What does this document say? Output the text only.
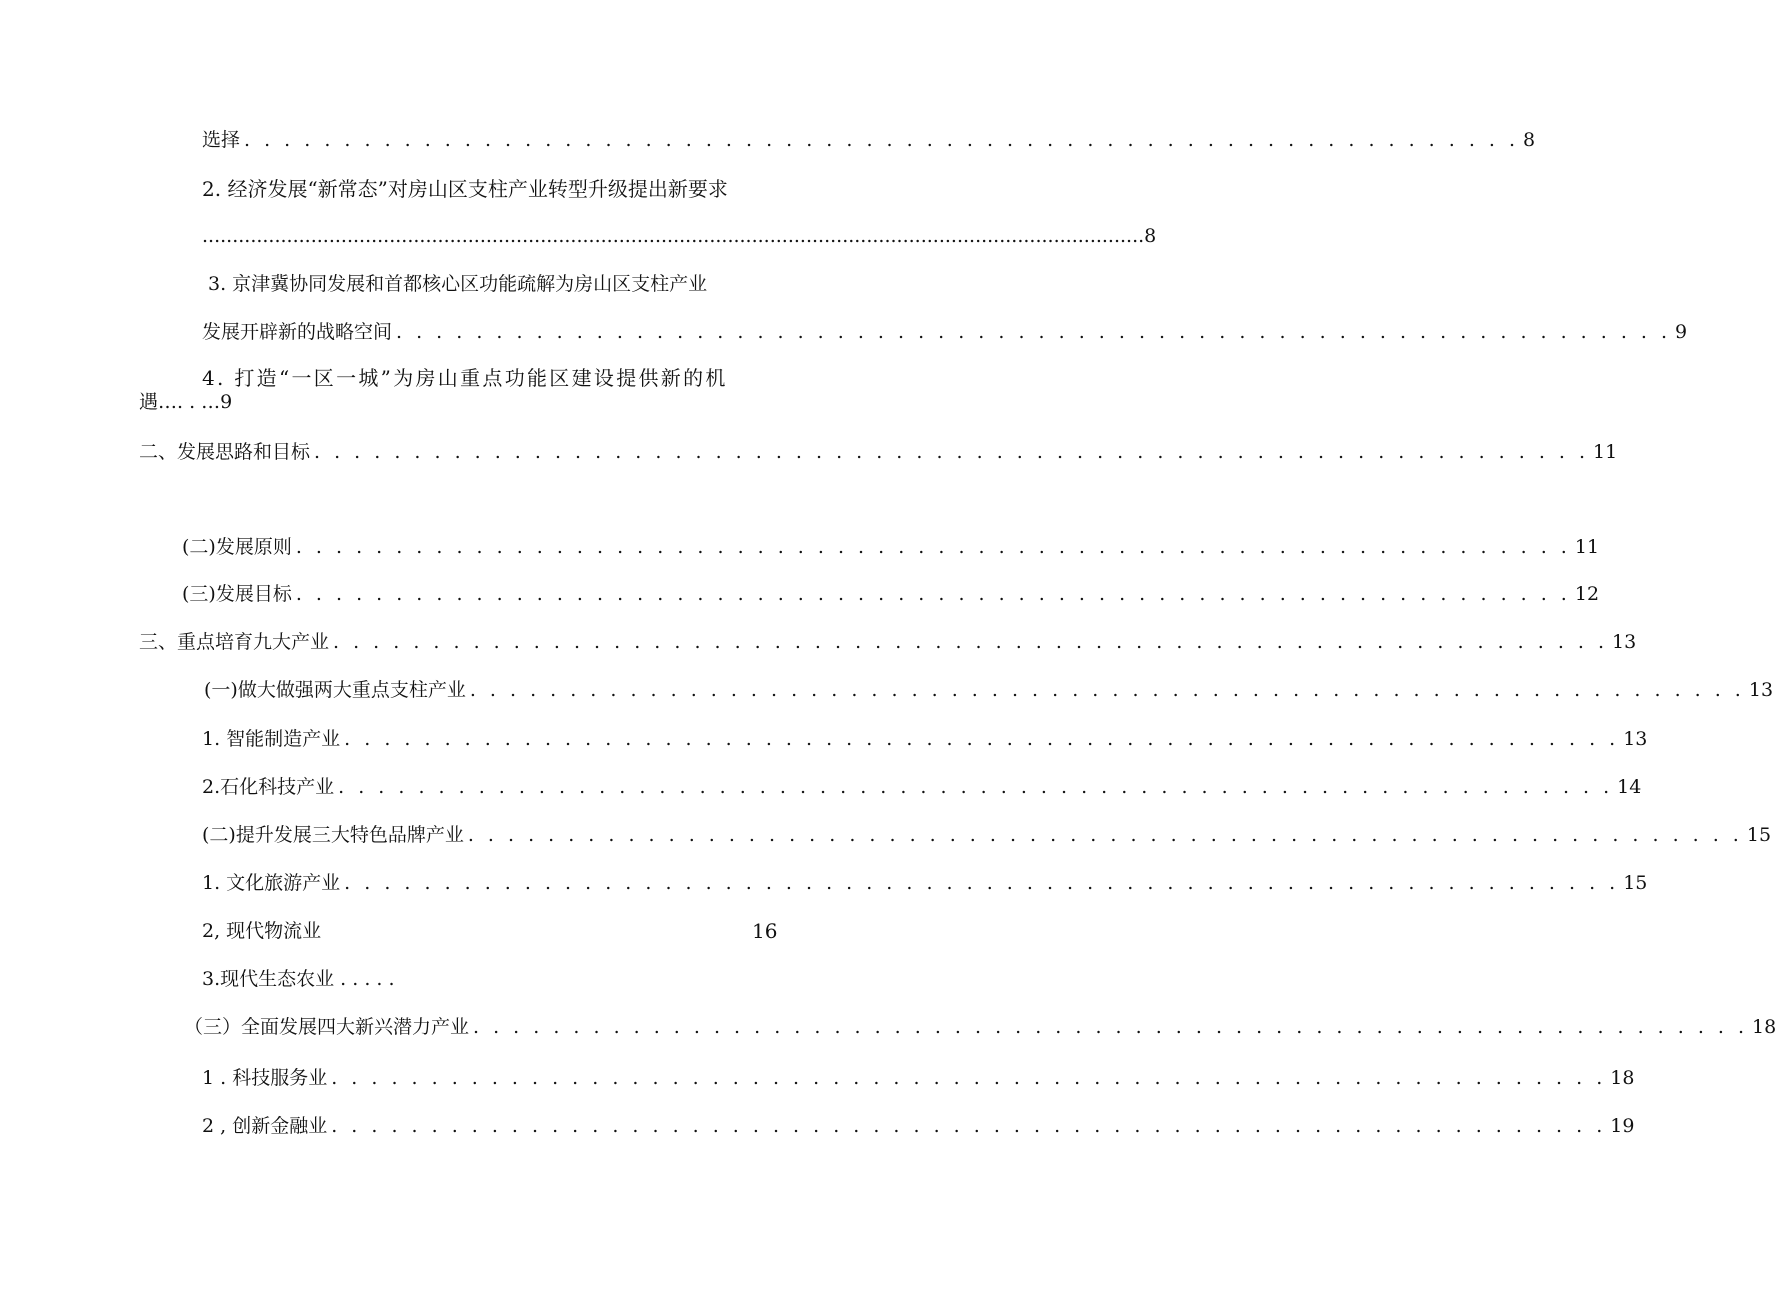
选择 . . . . . . . . . . . . . . . . . . . . . . . . . . . . . . . . . . . . . . . . . . . . . . . . . . . . . . . . . . . . . . . . 8
2. 经济发展“新常态”对房山区支柱产业转型升级提出新要求
............................................................................................................................................................ 8
3. 京津冀协同发展和首都核心区功能疏解为房山区支柱产业
发展开辟新的战略空间 . . . . . . . . . . . . . . . . . . . . . . . . . . . . . . . . . . . . . . . . . . . . . . . . . . . . . . . . . . . . . . . . 9
4. 打造“一区一城”为房山重点功能区建设提供新的机
遇…. . …9
二、发展思路和目标 . . . . . . . . . . . . . . . . . . . . . . . . . . . . . . . . . . . . . . . . . . . . . . . . . . . . . . . . . . . . . . . . 11
(二)发展原则 . . . . . . . . . . . . . . . . . . . . . . . . . . . . . . . . . . . . . . . . . . . . . . . . . . . . . . . . . . . . . . . . 11
(三)发展目标 . . . . . . . . . . . . . . . . . . . . . . . . . . . . . . . . . . . . . . . . . . . . . . . . . . . . . . . . . . . . . . . . 12
三、重点培育九大产业 . . . . . . . . . . . . . . . . . . . . . . . . . . . . . . . . . . . . . . . . . . . . . . . . . . . . . . . . . . . . . . . . 13
(一)做大做强两大重点支柱产业 . . . . . . . . . . . . . . . . . . . . . . . . . . . . . . . . . . . . . . . . . . . . . . . . . . . . . . . . . . . . . . . . 13
1. 智能制造产业 . . . . . . . . . . . . . . . . . . . . . . . . . . . . . . . . . . . . . . . . . . . . . . . . . . . . . . . . . . . . . . . . 13
2.石化科技产业 . . . . . . . . . . . . . . . . . . . . . . . . . . . . . . . . . . . . . . . . . . . . . . . . . . . . . . . . . . . . . . . . 14
(二)提升发展三大特色品牌产业 . . . . . . . . . . . . . . . . . . . . . . . . . . . . . . . . . . . . . . . . . . . . . . . . . . . . . . . . . . . . . . . . 15
1. 文化旅游产业 . . . . . . . . . . . . . . . . . . . . . . . . . . . . . . . . . . . . . . . . . . . . . . . . . . . . . . . . . . . . . . . . 15
2, 现代物流业	16
3.现代生态农业 . . . . .
（三）全面发展四大新兴潜力产业 . . . . . . . . . . . . . . . . . . . . . . . . . . . . . . . . . . . . . . . . . . . . . . . . . . . . . . . . . . . . . . . . 18
1 . 科技服务业 . . . . . . . . . . . . . . . . . . . . . . . . . . . . . . . . . . . . . . . . . . . . . . . . . . . . . . . . . . . . . . . . 18
2 , 创新金融业 . . . . . . . . . . . . . . . . . . . . . . . . . . . . . . . . . . . . . . . . . . . . . . . . . . . . . . . . . . . . . . . . 19
